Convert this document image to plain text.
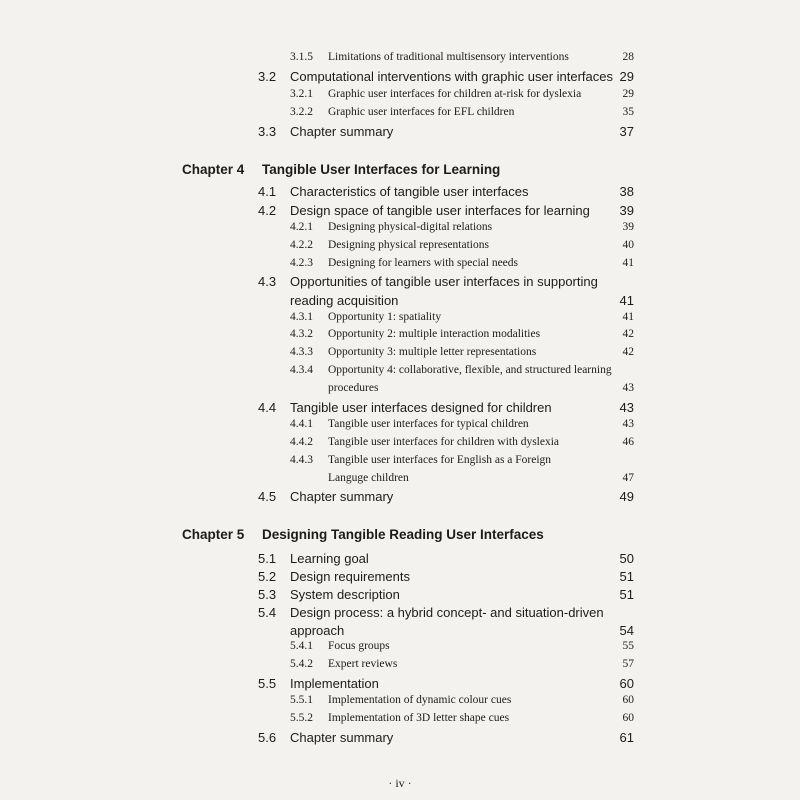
3.1.5 Limitations of traditional multisensory interventions	28
3.2 Computational interventions with graphic user interfaces 29
3.2.1 Graphic user interfaces for children at-risk for dyslexia	29
3.2.2 Graphic user interfaces for EFL children	35
3.3 Chapter summary	37
Chapter 4 Tangible User Interfaces for Learning
4.1 Characteristics of tangible user interfaces	38
4.2 Design space of tangible user interfaces for learning 39
4.2.1 Designing physical-digital relations	39
4.2.2 Designing physical representations	40
4.2.3 Designing for learners with special needs	41
4.3 Opportunities of tangible user interfaces in supporting
reading acquisition	41
4.3.1 Opportunity 1: spatiality	41
4.3.2 Opportunity 2: multiple interaction modalities	42
4.3.3 Opportunity 3: multiple letter representations	42
4.3.4 Opportunity 4: collaborative, flexible, and structured learning
procedures	43
4.4 Tangible user interfaces designed for children	43
4.4.1 Tangible user interfaces for typical children	43
4.4.2 Tangible user interfaces for children with dyslexia	46
4.4.3 Tangible user interfaces for English as a Foreign
Languge children	47
4.5 Chapter summary	49
Chapter 5 Designing Tangible Reading User Interfaces
5.1 Learning goal	50
5.2 Design requirements	51
5.3 System description	51
5.4 Design process: a hybrid concept- and situation-driven
approach	54
5.4.1 Focus groups	55
5.4.2 Expert reviews	57
5.5 Implementation	60
5.5.1 Implementation of dynamic colour cues	60
5.5.2 Implementation of 3D letter shape cues	60
5.6 Chapter summary	61
· iv ·
